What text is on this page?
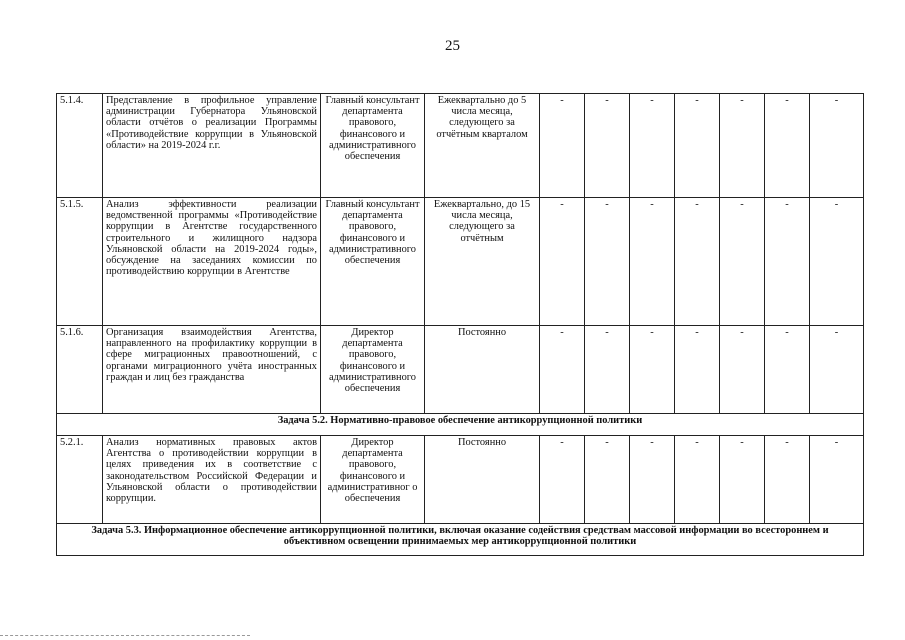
25
5.1.4.	Представление в профильное управление администрации Губернатора Ульяновской области отчётов о реализации Программы «Противодействие коррупции в Ульяновской области» на 2019-2024 г.г.	Главный консультант департамента правового, финансового и административного обеспечения	Ежеквартально до 5 числа месяца, следующего за отчётным кварталом	-	-	-	-	-	-	-
5.1.5.	Анализ эффективности реализации ведомственной программы «Противодействие коррупции в Агентстве государственного строительного и жилищного надзора Ульяновской области на 2019-2024 годы», обсуждение на заседаниях комиссии по противодействию коррупции в Агентстве	Главный консультант департамента правового, финансового и административного обеспечения	Ежеквартально, до 15 числа месяца, следующего за отчётным	-	-	-	-	-	-	-
5.1.6.	Организация взаимодействия Агентства, направленного на профилактику коррупции в сфере миграционных правоотношений, с органами миграционного учёта иностранных граждан и лиц без гражданства	Директор департамента правового, финансового и административного обеспечения	Постоянно	-	-	-	-	-	-	-
Задача 5.2. Нормативно-правовое обеспечение антикоррупционной политики										
5.2.1.	Анализ нормативных правовых актов Агентства о противодействии коррупции в целях приведения их в соответствие с законодательством Российской Федерации и Ульяновской области о противодействии коррупции.	Директор департамента правового, финансового и административног о обеспечения	Постоянно	-	-	-	-	-	-	-
Задача 5.3. Информационное обеспечение антикоррупционной политики, включая оказание содействия средствам массовой информации во всестороннем и объективном освещении принимаемых мер антикоррупционной политики										
